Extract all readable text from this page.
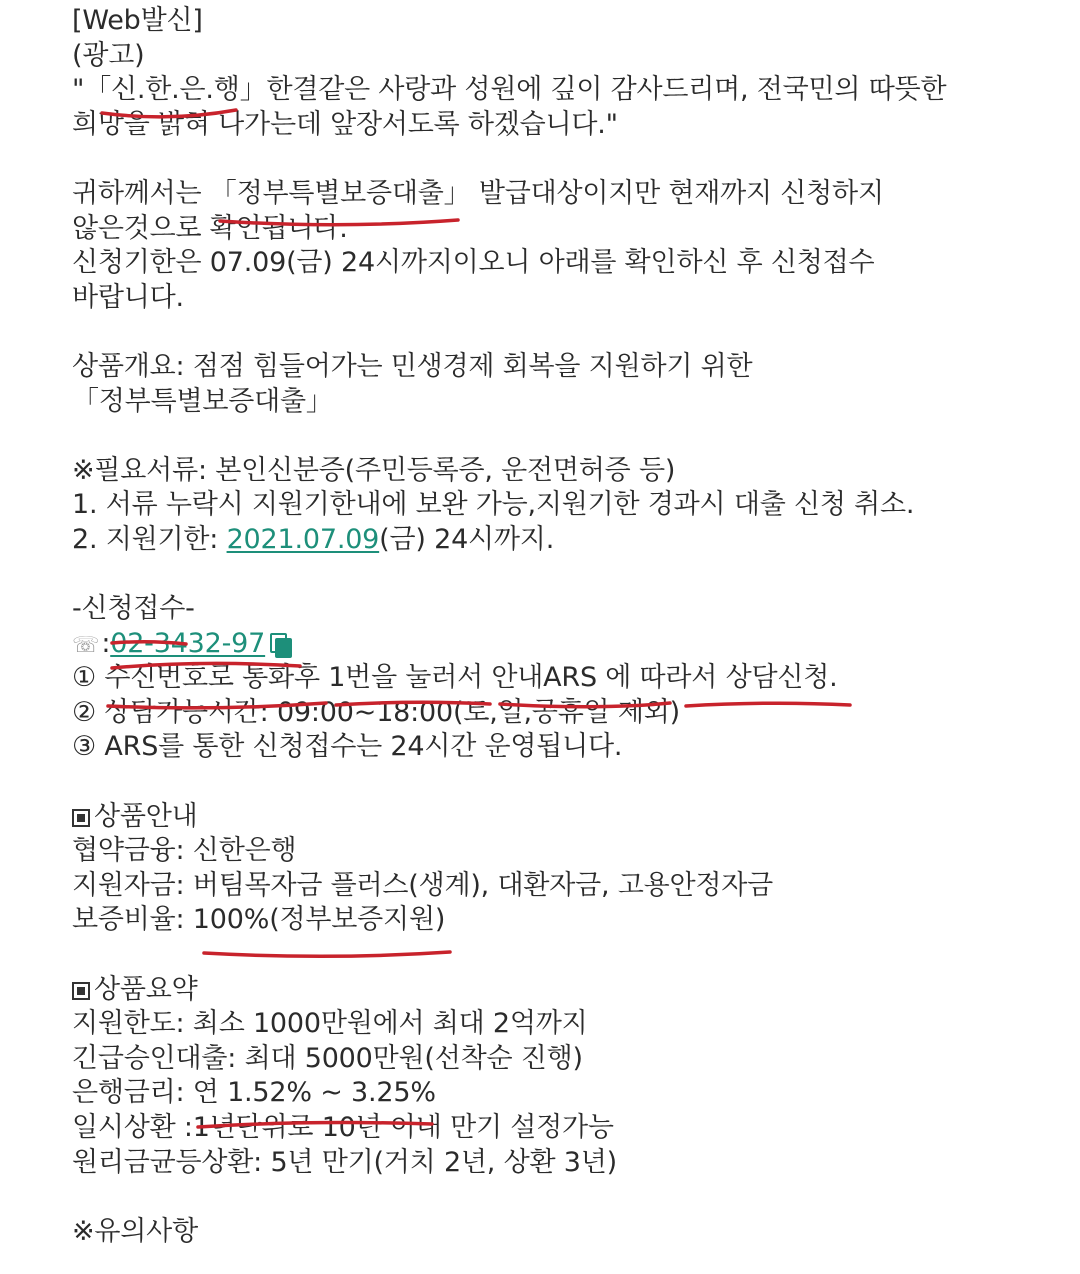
[Web발신]
(광고)
"「신.한.은.행」한결같은 사랑과 성원에 깊이 감사드리며, 전국민의 따뜻한
희망을 밝혀 나가는데 앞장서도록 하겠습니다."
귀하께서는 「정부특별보증대출」 발급대상이지만 현재까지 신청하지
않은것으로 확인됩니다.
신청기한은 07.09(금) 24시까지이오니 아래를 확인하신 후 신청접수
바랍니다.
상품개요: 점점 힘들어가는 민생경제 회복을 지원하기 위한
「정부특별보증대출」
※필요서류: 본인신분증(주민등록증, 운전면허증 등)
1. 서류 누락시 지원기한내에 보완 가능,지원기한 경과시 대출 신청 취소.
2. 지원기한: 2021.07.09(금) 24시까지.
-신청접수-
☏:02-3432-97
① 수신번호로 통화후 1번을 눌러서 안내ARS 에 따라서 상담신청.
② 상담가능시간: 09:00~18:00(토,일,공휴일 제외)
③ ARS를 통한 신청접수는 24시간 운영됩니다.
상품안내
협약금융: 신한은행
지원자금: 버팀목자금 플러스(생계), 대환자금, 고용안정자금
보증비율: 100%(정부보증지원)
상품요약
지원한도: 최소 1000만원에서 최대 2억까지
긴급승인대출: 최대 5000만원(선착순 진행)
은행금리: 연 1.52% ~ 3.25%
일시상환 :1년단위로 10년 이내 만기 설정가능
원리금균등상환: 5년 만기(거치 2년, 상환 3년)
※유의사항
